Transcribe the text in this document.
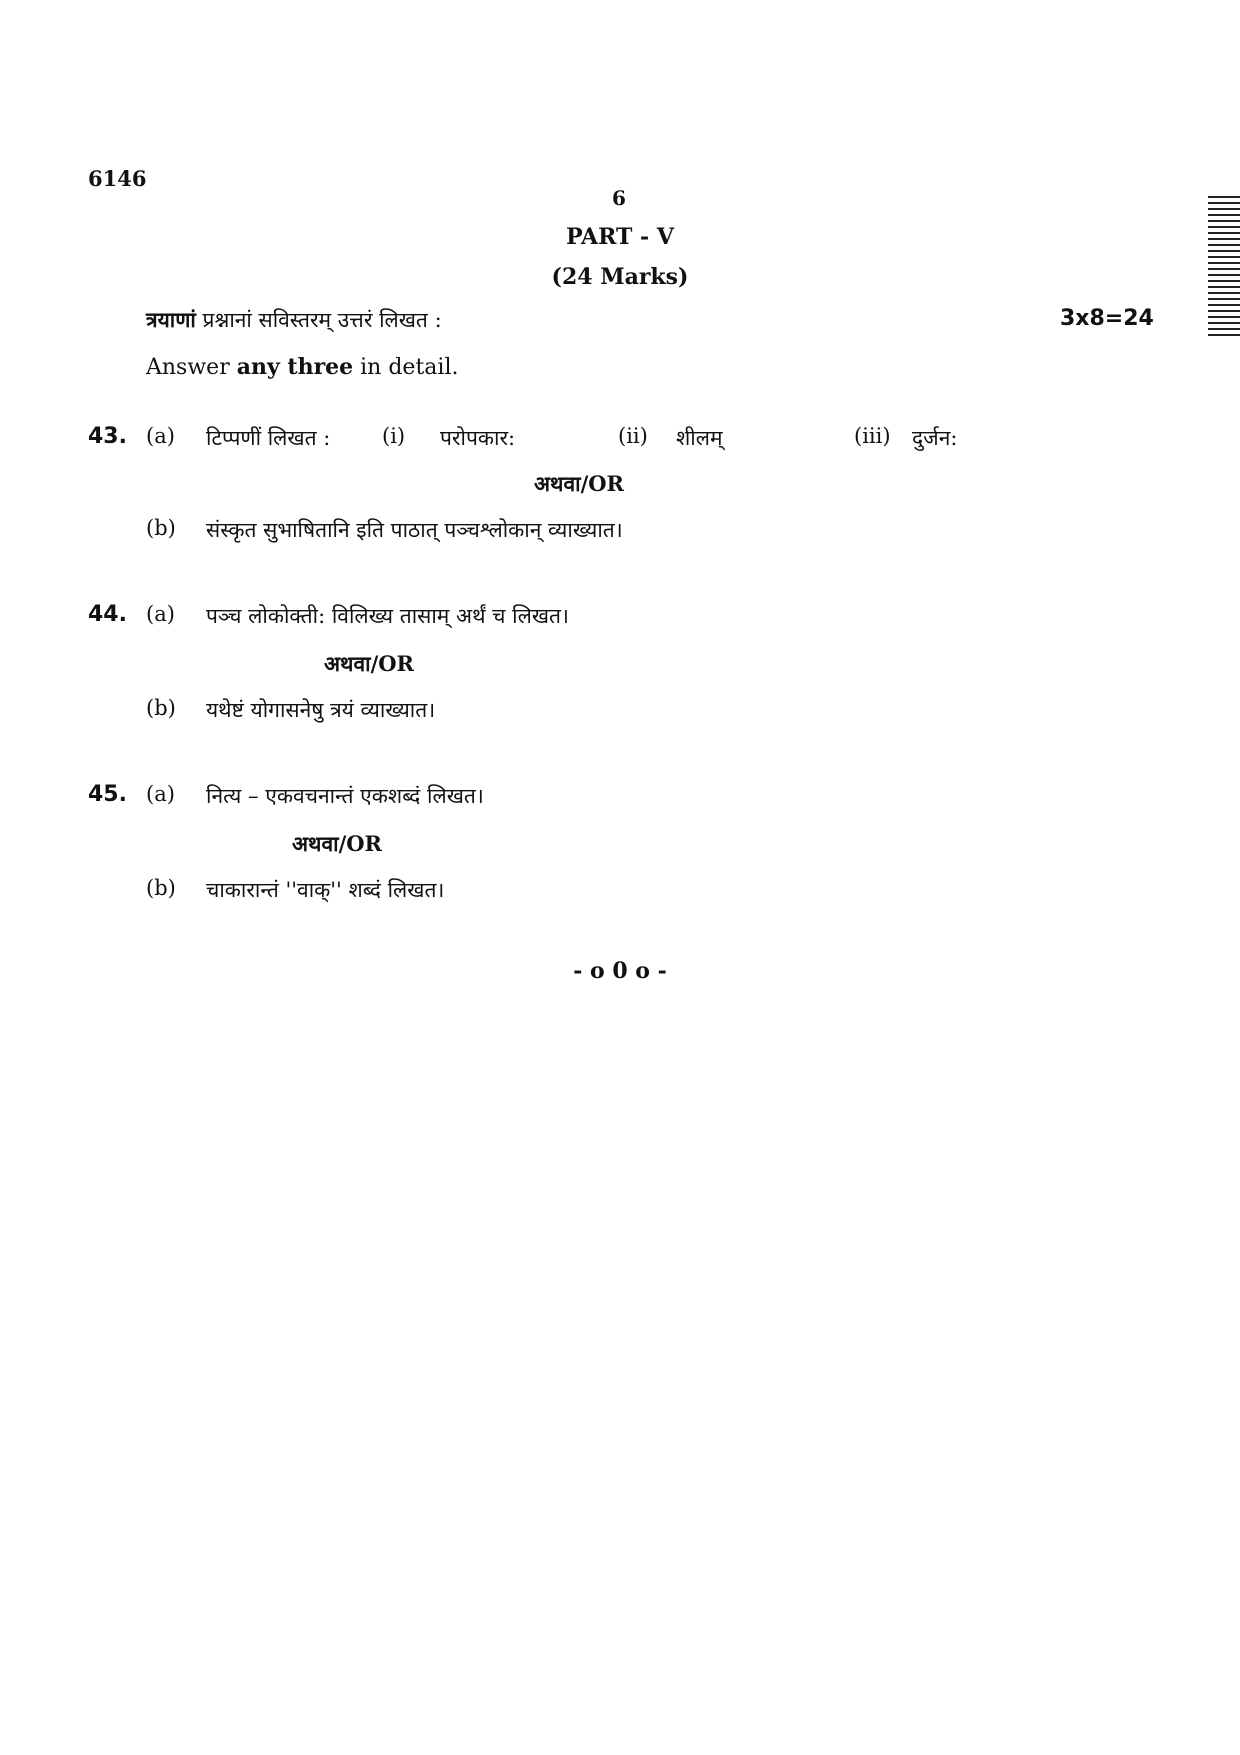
6146
6
PART - V
(24 Marks)
त्रयाणां प्रश्नानां सविस्तरम् उत्तरं लिखत :	3x8=24
Answer any three in detail.
43. (a) टिप्पणीं लिखत : (i) परोपकार:	(ii) शीलम्	(iii) दुर्जन:
अथवा/OR
(b) संस्कृत सुभाषितानि इति पाठात् पञ्चश्लोकान् व्याख्यात।
44. (a) पञ्च लोकोक्ती: विलिख्य तासाम् अर्थं च लिखत।
अथवा/OR
(b) यथेष्टं योगासनेषु त्रयं व्याख्यात।
45. (a) नित्य – एकवचनान्तं एकशब्दं लिखत।
अथवा/OR
(b) चाकारान्तं ''वाक्'' शब्दं लिखत।
- o 0 o -
